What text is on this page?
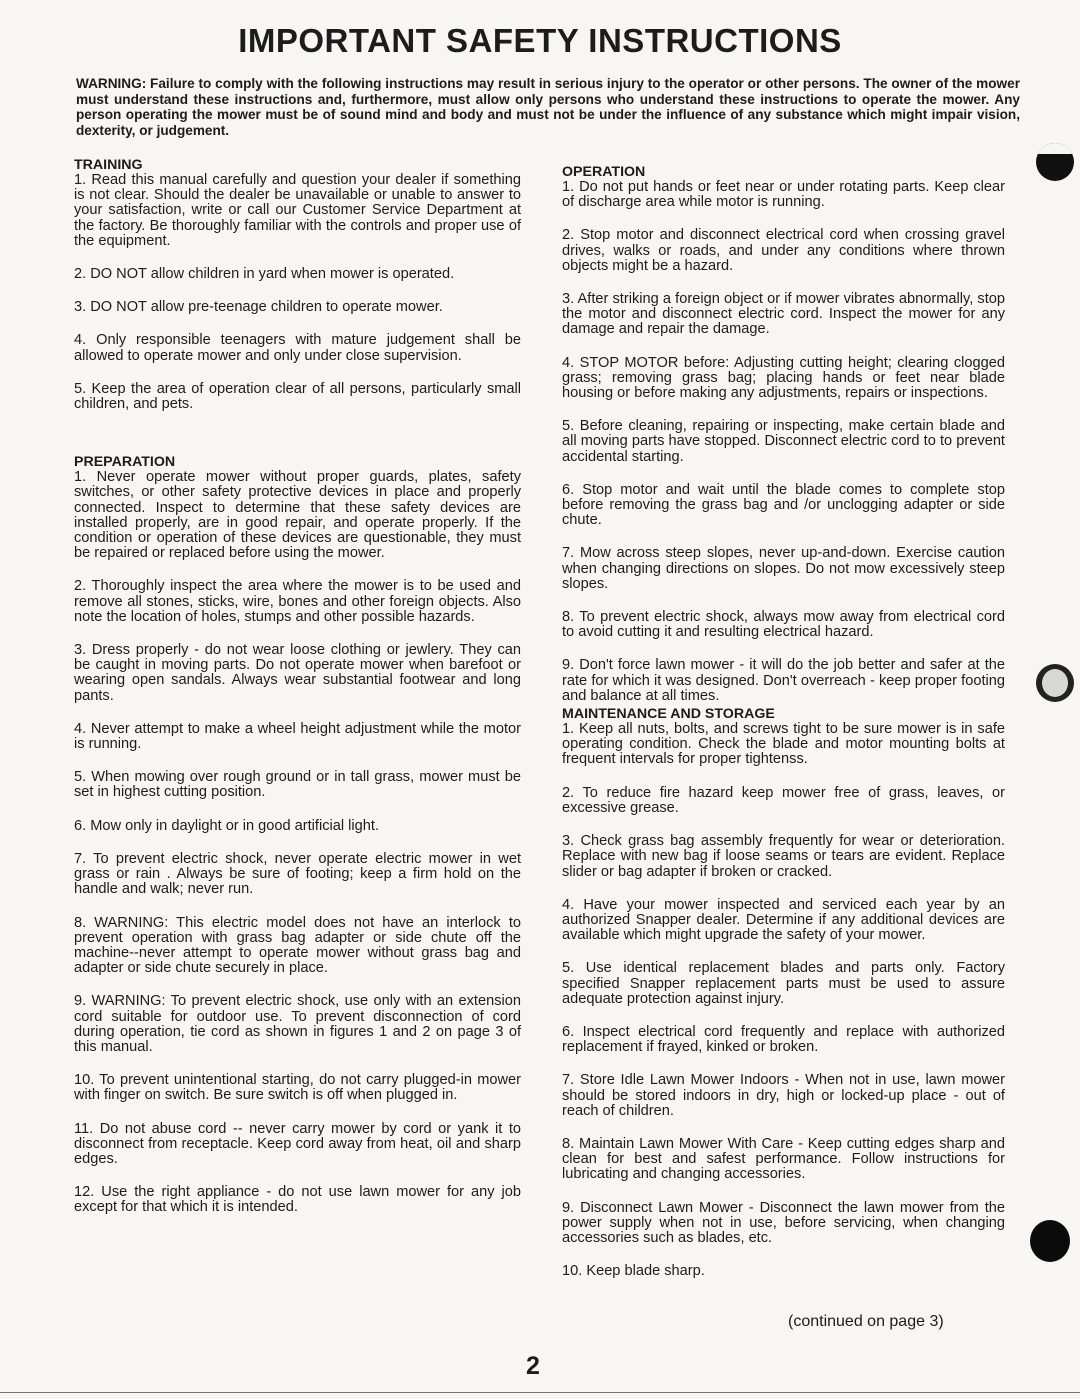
IMPORTANT SAFETY INSTRUCTIONS

WARNING: Failure to comply with the following instructions may result in serious injury to the operator or other persons. The owner of the mower must understand these instructions and, furthermore, must allow only persons who understand these instructions to operate the mower. Any person operating the mower must be of sound mind and body and must not be under the influence of any substance which might impair vision, dexterity, or judgement.

TRAINING

1. Read this manual carefully and question your dealer if something is not clear. Should the dealer be unavailable or unable to answer to your satisfaction, write or call our Customer Service Department at the factory. Be thoroughly familiar with the controls and proper use of the equipment.

2. DO NOT allow children in yard when mower is operated.

3. DO NOT allow pre-teenage children to operate mower.

4. Only responsible teenagers with mature judgement shall be allowed to operate mower and only under close supervision.

5. Keep the area of operation clear of all persons, particularly small children, and pets.

PREPARATION

1. Never operate mower without proper guards, plates, safety switches, or other safety protective devices in place and properly connected. Inspect to determine that these safety devices are installed properly, are in good repair, and operate properly. If the condition or operation of these devices are questionable, they must be repaired or replaced before using the mower.

2. Thoroughly inspect the area where the mower is to be used and remove all stones, sticks, wire, bones and other foreign objects. Also note the location of holes, stumps and other possible hazards.

3. Dress properly - do not wear loose clothing or jewlery. They can be caught in moving parts. Do not operate mower when barefoot or wearing open sandals. Always wear substantial footwear and long pants.

4. Never attempt to make a wheel height adjustment while the motor is running.

5. When mowing over rough ground or in tall grass, mower must be set in highest cutting position.

6. Mow only in daylight or in good artificial light.

7. To prevent electric shock, never operate electric mower in wet grass or rain . Always be sure of footing; keep a firm hold on the handle and walk; never run.

8. WARNING: This electric model does not have an interlock to prevent operation with grass bag adapter or side chute off the machine--never attempt to operate mower without grass bag and adapter or side chute securely in place.

9. WARNING: To prevent electric shock, use only with an extension cord suitable for outdoor use. To prevent disconnection of cord during operation, tie cord as shown in figures 1 and 2 on page 3 of this manual.

10. To prevent unintentional starting, do not carry plugged-in mower with finger on switch. Be sure switch is off when plugged in.

11. Do not abuse cord -- never carry mower by cord or yank it to disconnect from receptacle. Keep cord away from heat, oil and sharp edges.

12. Use the right appliance - do not use lawn mower for any job except for that which it is intended.

OPERATION

1. Do not put hands or feet near or under rotating parts. Keep clear of discharge area while motor is running.

2. Stop motor and disconnect electrical cord when crossing gravel drives, walks or roads, and under any conditions where thrown objects might be a hazard.

3. After striking a foreign object or if mower vibrates abnormally, stop the motor and disconnect electric cord. Inspect the mower for any damage and repair the damage.

4. STOP MOTOR before: Adjusting cutting height; clearing clogged grass; removing grass bag; placing hands or feet near blade housing or before making any adjustments, repairs or inspections.

5. Before cleaning, repairing or inspecting, make certain blade and all moving parts have stopped. Disconnect electric cord to to prevent accidental starting.

6. Stop motor and wait until the blade comes to complete stop before removing the grass bag and /or unclogging adapter or side chute.

7. Mow across steep slopes, never up-and-down. Exercise caution when changing directions on slopes. Do not mow excessively steep slopes.

8. To prevent electric shock, always mow away from electrical cord to avoid cutting it and resulting electrical hazard.

9. Don't force lawn mower - it will do the job better and safer at the rate for which it was designed. Don't overreach - keep proper footing and balance at all times.

MAINTENANCE AND STORAGE

1. Keep all nuts, bolts, and screws tight to be sure mower is in safe operating condition. Check the blade and motor mounting bolts at frequent intervals for proper tightenss.

2. To reduce fire hazard keep mower free of grass, leaves, or excessive grease.

3. Check grass bag assembly frequently for wear or deterioration. Replace with new bag if loose seams or tears are evident. Replace slider or bag adapter if broken or cracked.

4. Have your mower inspected and serviced each year by an authorized Snapper dealer. Determine if any additional devices are available which might upgrade the safety of your mower.

5. Use identical replacement blades and parts only. Factory specified Snapper replacement parts must be used to assure adequate protection against injury.

6. Inspect electrical cord frequently and replace with authorized replacement if frayed, kinked or broken.

7. Store Idle Lawn Mower Indoors - When not in use, lawn mower should be stored indoors in dry, high or locked-up place - out of reach of children.

8. Maintain Lawn Mower With Care - Keep cutting edges sharp and clean for best and safest performance. Follow instructions for lubricating and changing accessories.

9. Disconnect Lawn Mower - Disconnect the lawn mower from the power supply when not in use, before servicing, when changing accessories such as blades, etc.

10. Keep blade sharp.

(continued on page 3)
2
